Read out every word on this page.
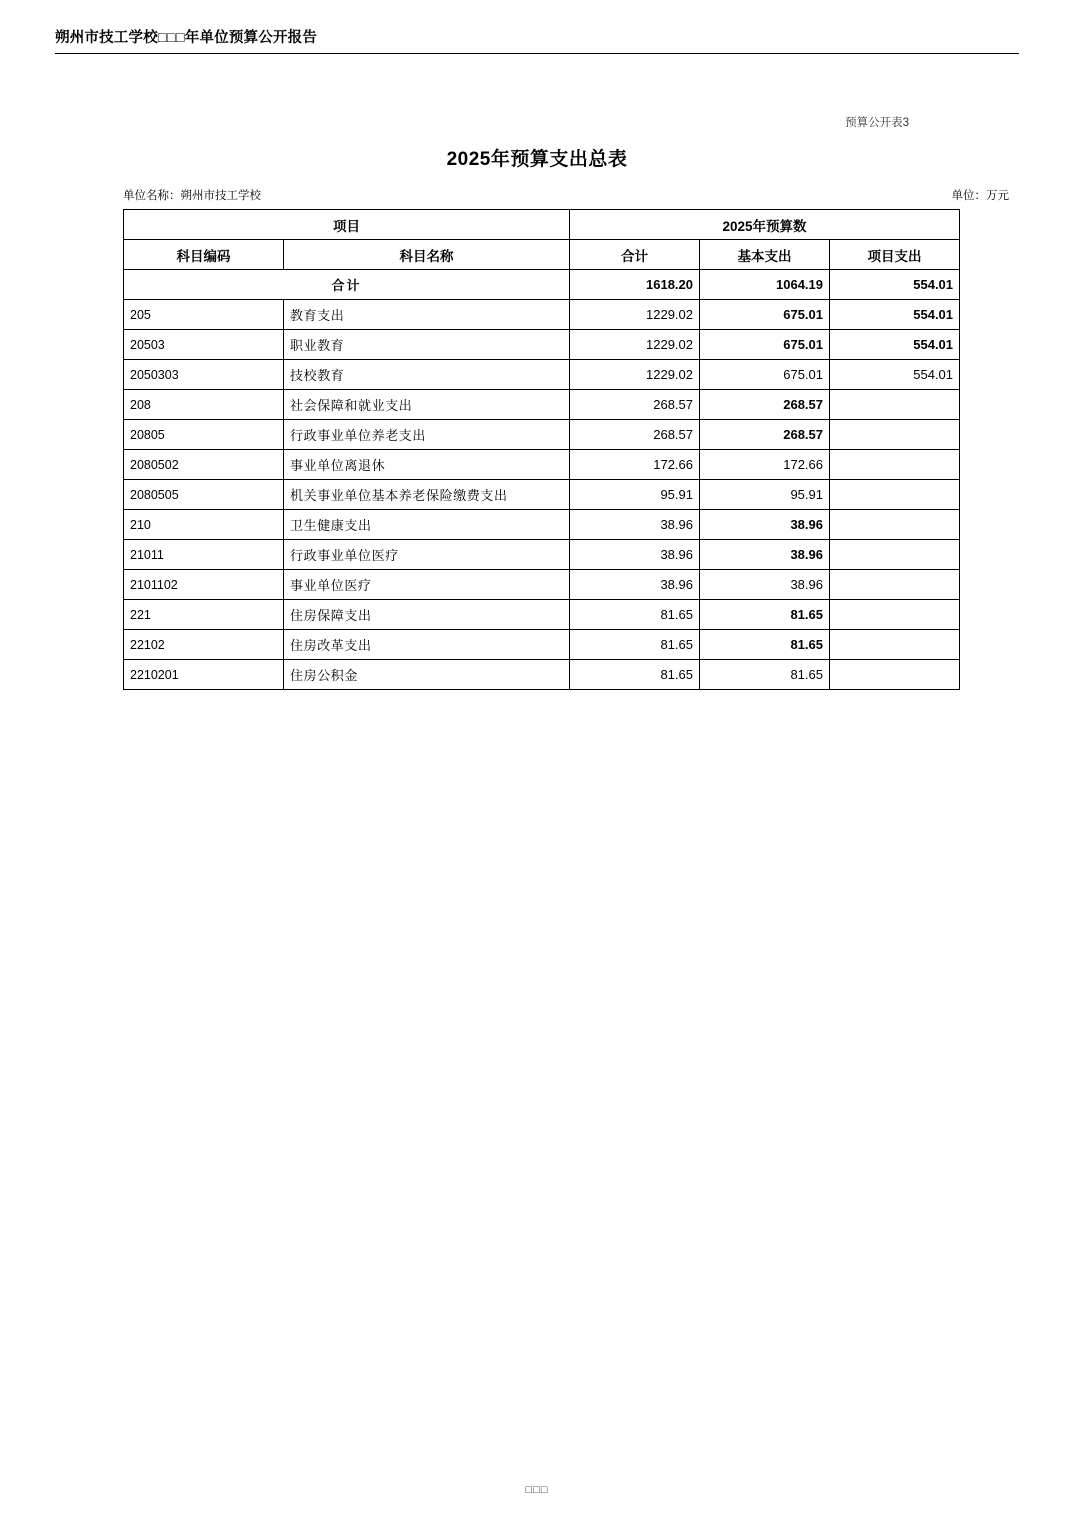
朔州市技工学校□□□年单位预算公开报告
预算公开表3
2025年预算支出总表
单位名称：朔州市技工学校	单位：万元
项目		2025年预算数		
科目编码	科目名称	合计	基本支出	项目支出
合计		1618.20	1064.19	554.01
205	教育支出	1229.02	675.01	554.01
20503	职业教育	1229.02	675.01	554.01
2050303	技校教育	1229.02	675.01	554.01
208	社会保障和就业支出	268.57	268.57	
20805	行政事业单位养老支出	268.57	268.57	
2080502	事业单位离退休	172.66	172.66	
2080505	机关事业单位基本养老保险缴费支出	95.91	95.91	
210	卫生健康支出	38.96	38.96	
21011	行政事业单位医疗	38.96	38.96	
2101102	事业单位医疗	38.96	38.96	
221	住房保障支出	81.65	81.65	
22102	住房改革支出	81.65	81.65	
2210201	住房公积金	81.65	81.65	
□□□
